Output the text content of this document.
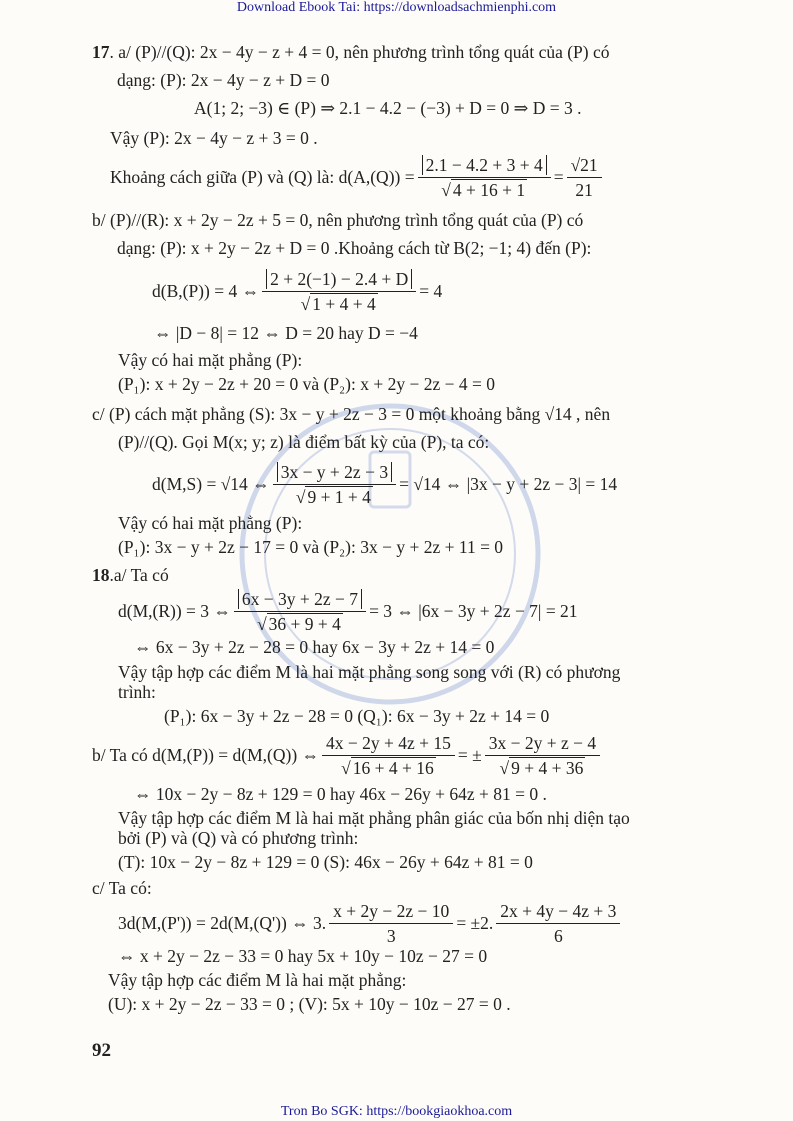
Download Ebook Tai: https://downloadsachmienphi.com
17. a/ (P)//(Q): 2x − 4y − z + 4 = 0, nên phương trình tổng quát của (P) có
dạng: (P): 2x − 4y − z + D = 0
A(1; 2; −3) ∈ (P) ⇒ 2.1 − 4.2 − (−3) + D = 0 ⇒ D = 3 .
Vậy (P): 2x − 4y − z + 3 = 0 .
Khoảng cách giữa (P) và (Q) là: $d(A,(Q)) = \frac{2.1 - 4.2 + 3 + 4}{√ 4 + 16 + 1} = \frac{√21}{21}$
b/ (P)//(R): x + 2y − 2z + 5 = 0, nên phương trình tổng quát của (P) có
dạng: (P): x + 2y − 2z + D = 0 .Khoảng cách từ B(2; −1; 4) đến (P):
d(B,(P)) = 4 ⇔ $\frac{2 + 2(-1) - 2.4 + D}{√ 1 + 4 + 4} = 4$
⇔ |D − 8| = 12 ⇔ D = 20 hay D = −4
Vậy có hai mặt phẳng (P):
(P₁): x + 2y − 2z + 20 = 0 và (P₂): x + 2y − 2z − 4 = 0
c/ (P) cách mặt phẳng (S): 3x − y + 2z − 3 = 0 một khoảng bằng √14 , nên
(P)//(Q). Gọi M(x; y; z) là điểm bất kỳ của (P), ta có:
d(M,S) = √14 ⇔ $\frac{3x - y + 2z - 3}{√ 9 + 1 + 4} = √14$ ⇔ |3x − y + 2z − 3| = 14
Vậy có hai mặt phẳng (P):
(P₁): 3x − y + 2z − 17 = 0 và (P₂): 3x − y + 2z + 11 = 0
18.a/ Ta có
d(M,(R)) = 3 ⇔ $\frac{6x - 3y + 2z - 7}{√ 36 + 9 + 4} = 3$ ⇔ |6x − 3y + 2z − 7| = 21
⇔ 6x − 3y + 2z − 28 = 0 hay 6x − 3y + 2z + 14 = 0
Vậy tập hợp các điểm M là hai mặt phẳng song song với (R) có phương
trình:
(P₁): 6x − 3y + 2z − 28 = 0 (Q₁): 6x − 3y + 2z + 14 = 0
b/ Ta có d(M,(P)) = d(M,(Q)) ⇔ $\frac{4x - 2y + 4z + 15}{√ 16 + 4 + 16}$ = ± $\frac{3x - 2y + z - 4}{√ 9 + 4 + 36}$
⇔ 10x − 2y − 8z + 129 = 0 hay 46x − 26y + 64z + 81 = 0 .
Vậy tập hợp các điểm M là hai mặt phẳng phân giác của bốn nhị diện tạo
bởi (P) và (Q) và có phương trình:
(T): 10x − 2y − 8z + 129 = 0 (S): 46x − 26y + 64z + 81 = 0
c/ Ta có:
3d(M,(P')) = 2d(M,(Q')) ⇔ 3. $\frac{x + 2y - 2z - 10}{3} = \pm 2$. $\frac{2x + 4y - 4z + 3}{6}$
⇔ x + 2y − 2z − 33 = 0 hay 5x + 10y − 10z − 27 = 0
Vậy tập hợp các điểm M là hai mặt phẳng:
(U): x + 2y − 2z − 33 = 0 ; (V): 5x + 10y − 10z − 27 = 0 .
92
Tron Bo SGK: https://bookgiaokhoa.com
